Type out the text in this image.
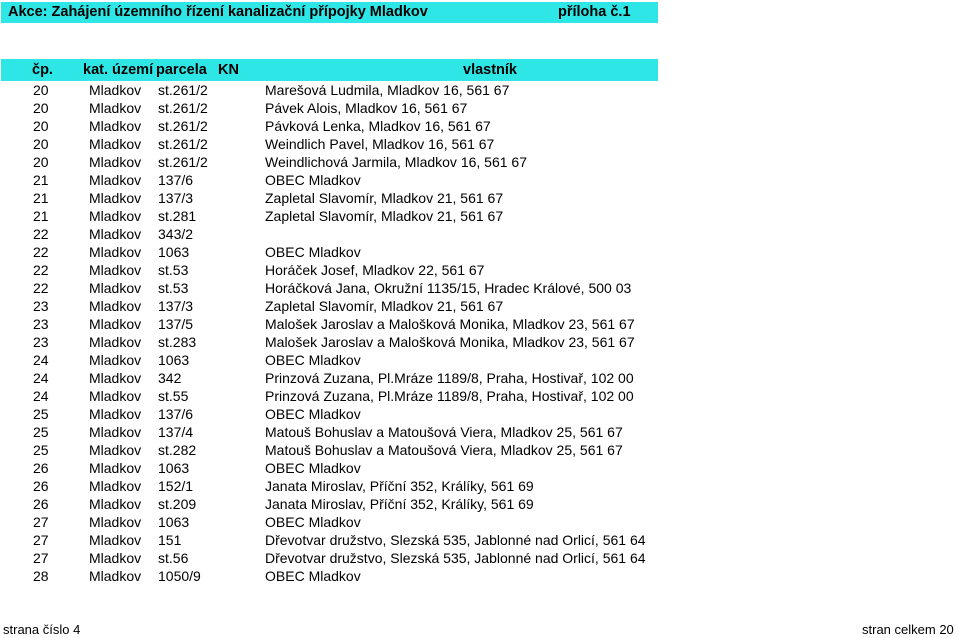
Akce: Zahájení územního řízení kanalizační přípojky Mladkov	příloha č.1
čp. kat. území parcela KN	vlastník
20	Mladkov st.261/2	Marešová Ludmila, Mladkov 16, 561 67
20	Mladkov st.261/2	Pávek Alois, Mladkov 16, 561 67
20	Mladkov st.261/2	Pávková Lenka, Mladkov 16, 561 67
20	Mladkov st.261/2	Weindlich Pavel, Mladkov 16, 561 67
20	Mladkov st.261/2	Weindlichová Jarmila, Mladkov 16, 561 67
21	Mladkov 137/6	OBEC Mladkov
21	Mladkov 137/3	Zapletal Slavomír, Mladkov 21, 561 67
21	Mladkov st.281	Zapletal Slavomír, Mladkov 21, 561 67
22	Mladkov 343/2
22	Mladkov 1063	OBEC Mladkov
22	Mladkov st.53	Horáček Josef, Mladkov 22, 561 67
22	Mladkov st.53	Horáčková Jana, Okružní 1135/15, Hradec Králové, 500 03
23	Mladkov 137/3	Zapletal Slavomír, Mladkov 21, 561 67
23	Mladkov 137/5	Malošek Jaroslav a Malošková Monika, Mladkov 23, 561 67
23	Mladkov st.283	Malošek Jaroslav a Malošková Monika, Mladkov 23, 561 67
24	Mladkov 1063	OBEC Mladkov
24	Mladkov 342	Prinzová Zuzana, Pl.Mráze 1189/8, Praha, Hostivař, 102 00
24	Mladkov st.55	Prinzová Zuzana, Pl.Mráze 1189/8, Praha, Hostivař, 102 00
25	Mladkov 137/6	OBEC Mladkov
25	Mladkov 137/4	Matouš Bohuslav a Matoušová Viera, Mladkov 25, 561 67
25	Mladkov st.282	Matouš Bohuslav a Matoušová Viera, Mladkov 25, 561 67
26	Mladkov 1063	OBEC Mladkov
26	Mladkov 152/1	Janata Miroslav, Příční 352, Králíky, 561 69
26	Mladkov st.209	Janata Miroslav, Příční 352, Králíky, 561 69
27	Mladkov 1063	OBEC Mladkov
27	Mladkov 151	Dřevotvar družstvo, Slezská 535, Jablonné nad Orlicí, 561 64
27	Mladkov st.56	Dřevotvar družstvo, Slezská 535, Jablonné nad Orlicí, 561 64
28	Mladkov 1050/9	OBEC Mladkov
strana číslo 4	stran celkem 20
